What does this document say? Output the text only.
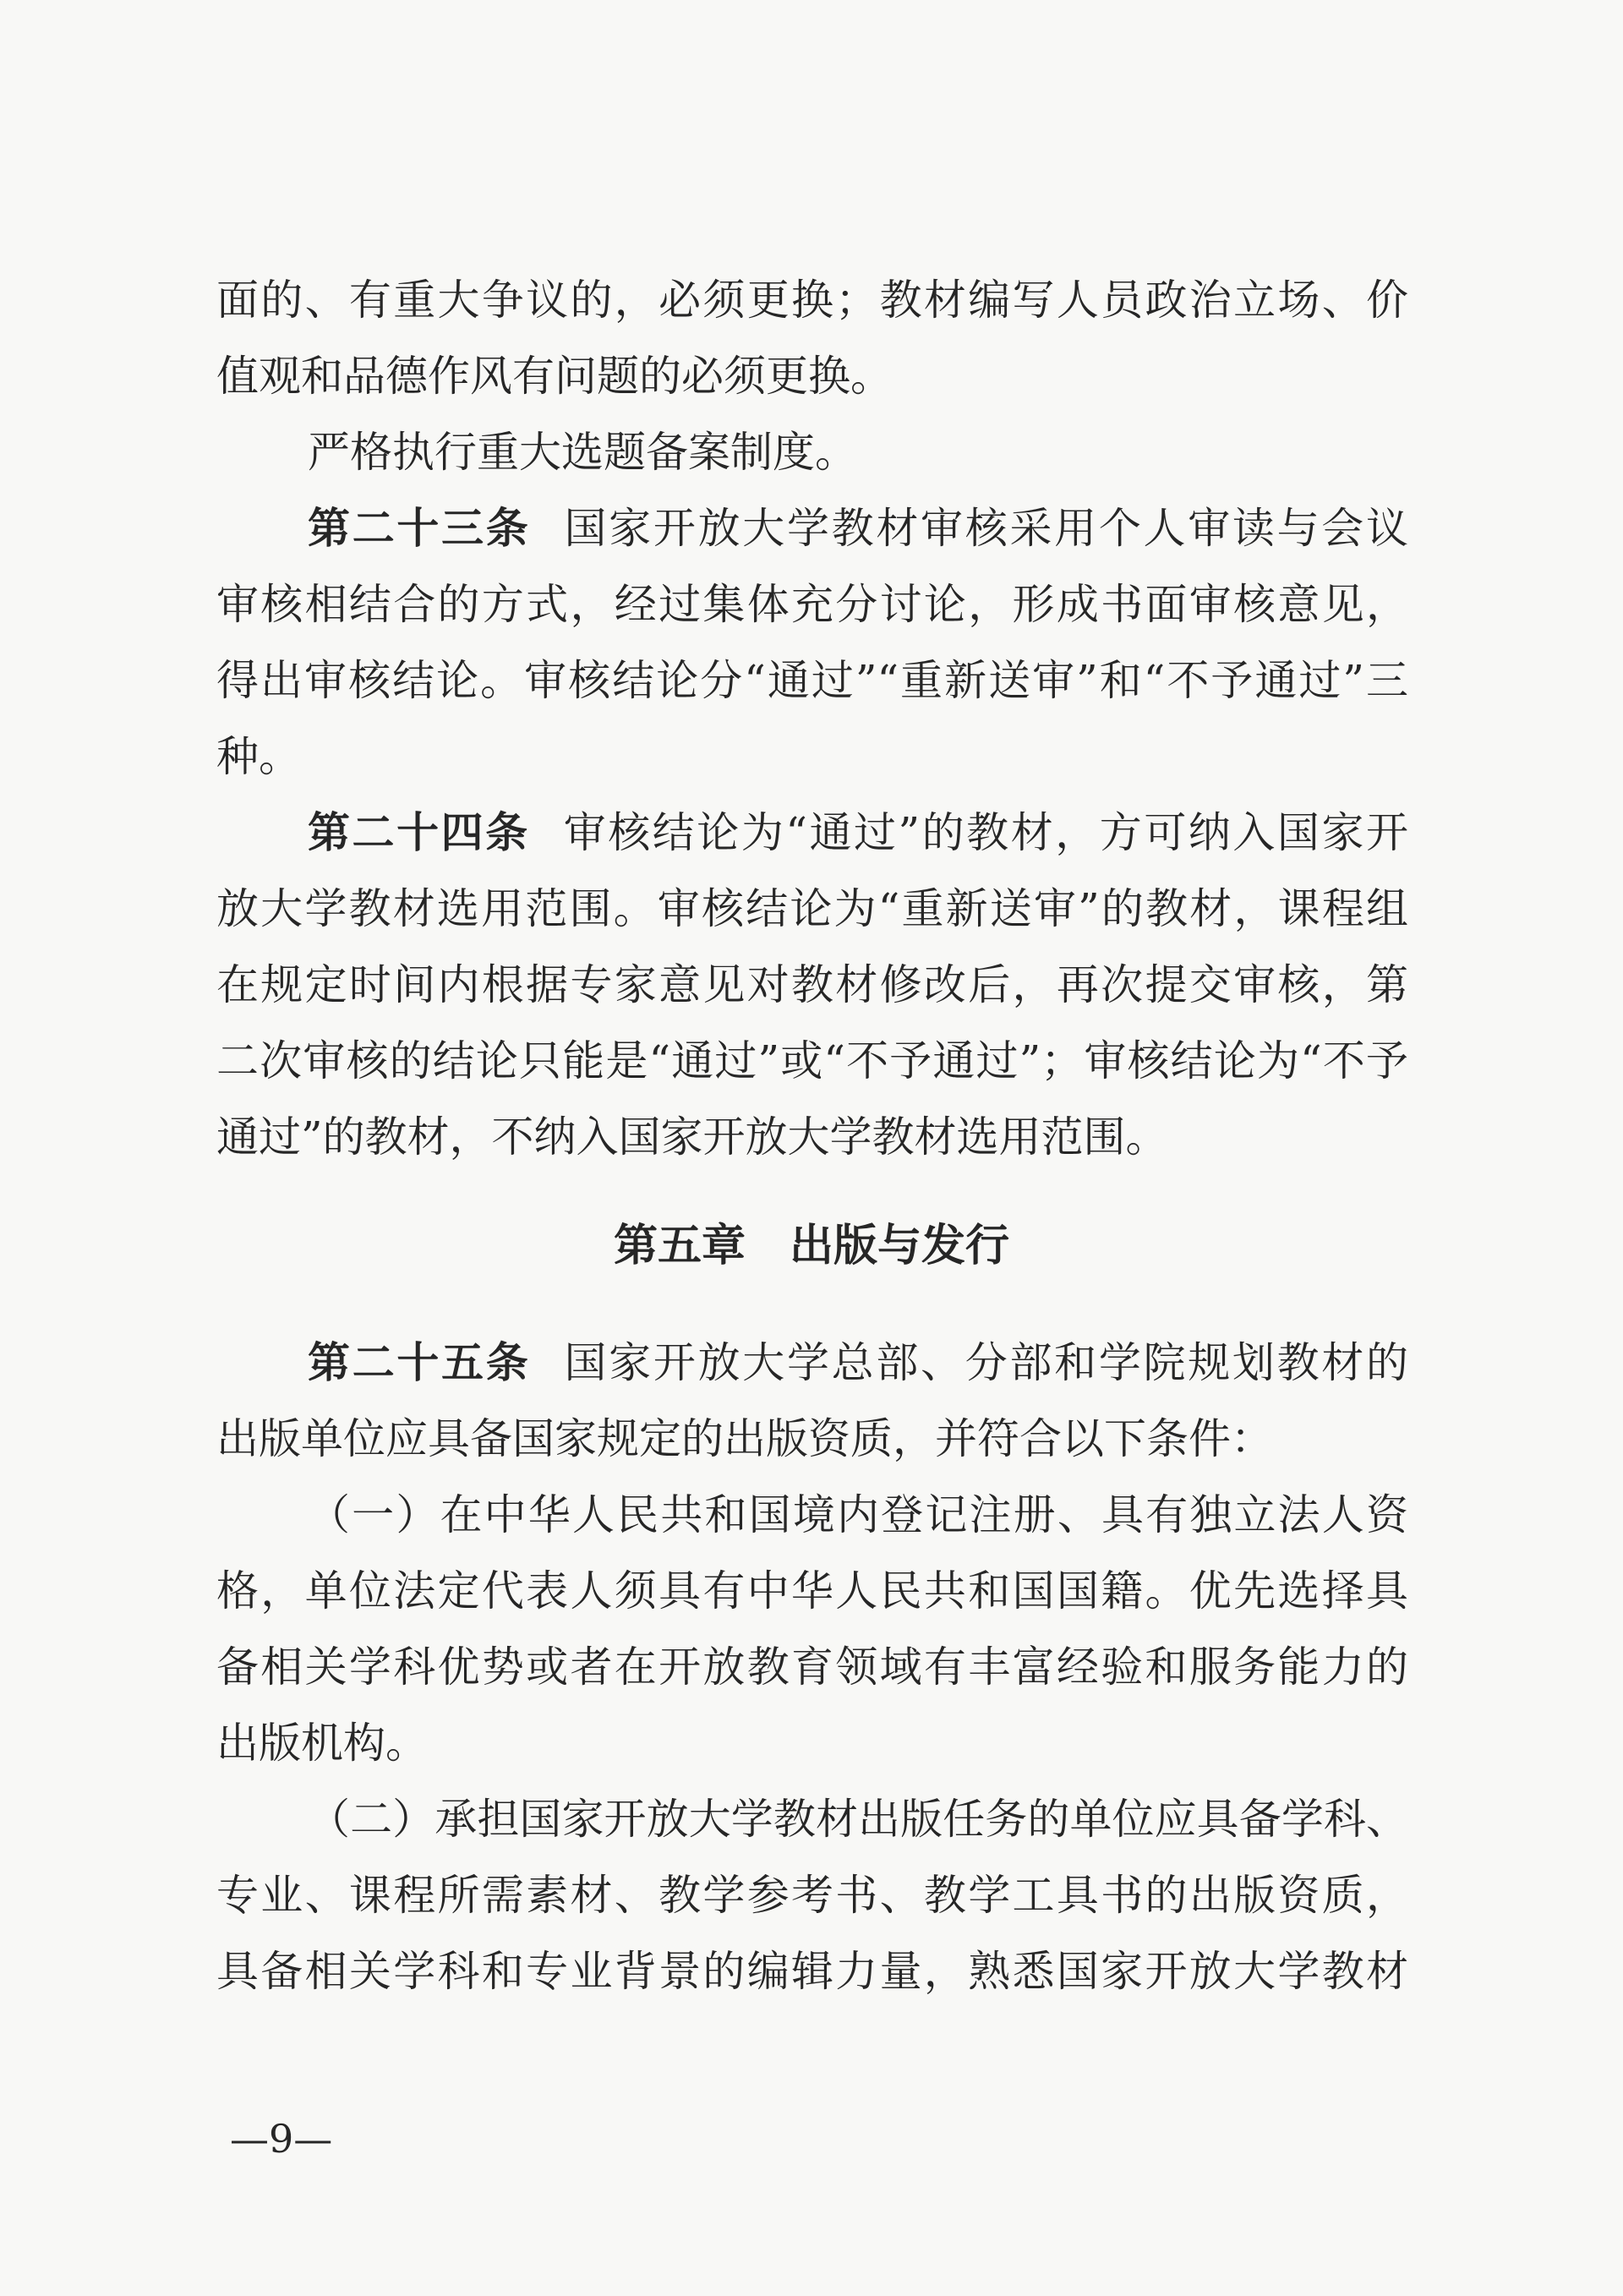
面的、有重大争议的，必须更换；教材编写人员政治立场、价
值观和品德作风有问题的必须更换。
严格执行重大选题备案制度。
第二十三条 国家开放大学教材审核采用个人审读与会议
审核相结合的方式，经过集体充分讨论，形成书面审核意见，
得出审核结论。审核结论分“通过”“重新送审”和“不予通过”三
种。
第二十四条 审核结论为“通过”的教材，方可纳入国家开
放大学教材选用范围。审核结论为“重新送审”的教材，课程组
在规定时间内根据专家意见对教材修改后，再次提交审核，第
二次审核的结论只能是“通过”或“不予通过”；审核结论为“不予
通过”的教材，不纳入国家开放大学教材选用范围。
第五章　出版与发行
第二十五条 国家开放大学总部、分部和学院规划教材的
出版单位应具备国家规定的出版资质，并符合以下条件：
（一）在中华人民共和国境内登记注册、具有独立法人资
格，单位法定代表人须具有中华人民共和国国籍。优先选择具
备相关学科优势或者在开放教育领域有丰富经验和服务能力的
出版机构。
（二）承担国家开放大学教材出版任务的单位应具备学科、
专业、课程所需素材、教学参考书、教学工具书的出版资质，
具备相关学科和专业背景的编辑力量，熟悉国家开放大学教材
—9—
